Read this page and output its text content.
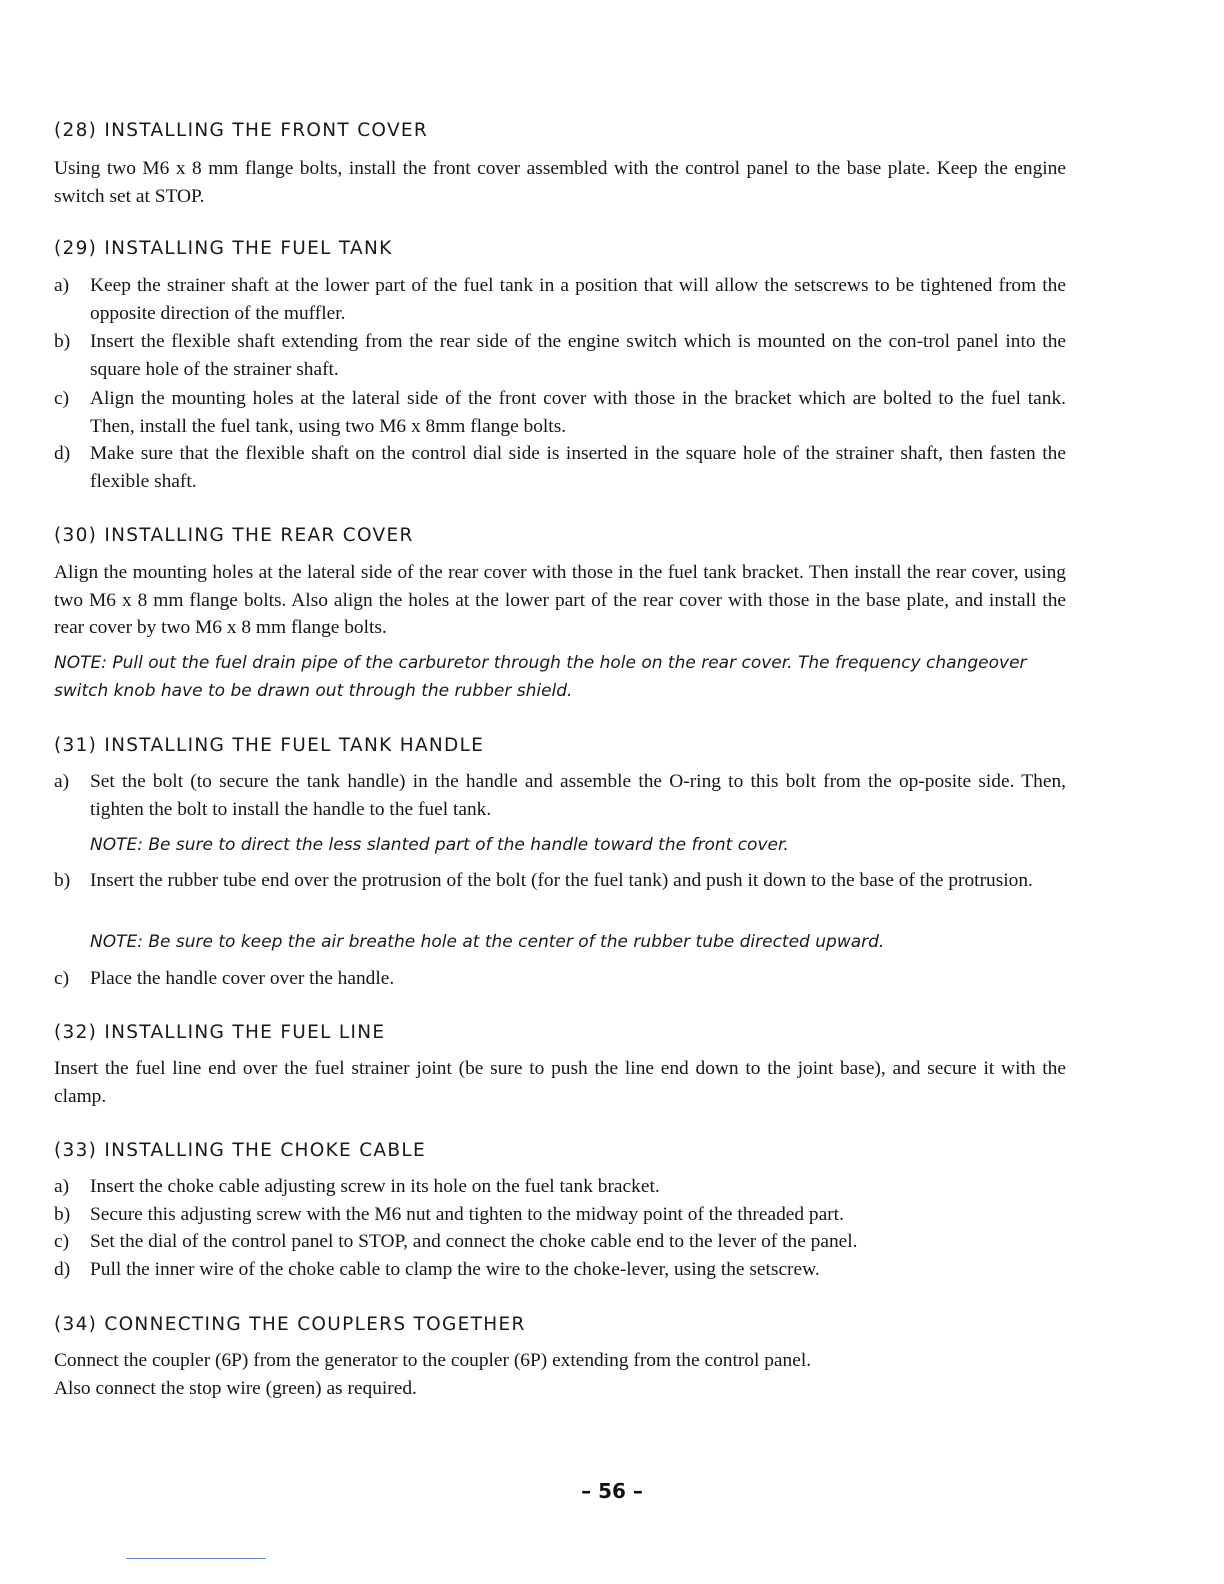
(28) INSTALLING THE FRONT COVER
Using two M6 x 8 mm flange bolts, install the front cover assembled with the control panel to the base plate. Keep the engine switch set at STOP.
(29) INSTALLING THE FUEL TANK
a) Keep the strainer shaft at the lower part of the fuel tank in a position that will allow the setscrews to be tightened from the opposite direction of the muffler.
b) Insert the flexible shaft extending from the rear side of the engine switch which is mounted on the con-trol panel into the square hole of the strainer shaft.
c) Align the mounting holes at the lateral side of the front cover with those in the bracket which are bolted to the fuel tank. Then, install the fuel tank, using two M6 x 8mm flange bolts.
d) Make sure that the flexible shaft on the control dial side is inserted in the square hole of the strainer shaft, then fasten the flexible shaft.
(30) INSTALLING THE REAR COVER
Align the mounting holes at the lateral side of the rear cover with those in the fuel tank bracket. Then install the rear cover, using two M6 x 8 mm flange bolts. Also align the holes at the lower part of the rear cover with those in the base plate, and install the rear cover by two M6 x 8 mm flange bolts.
NOTE: Pull out the fuel drain pipe of the carburetor through the hole on the rear cover. The frequency changeover switch knob have to be drawn out through the rubber shield.
(31) INSTALLING THE FUEL TANK HANDLE
a) Set the bolt (to secure the tank handle) in the handle and assemble the O-ring to this bolt from the op-posite side. Then, tighten the bolt to install the handle to the fuel tank.
NOTE: Be sure to direct the less slanted part of the handle toward the front cover.
b) Insert the rubber tube end over the protrusion of the bolt (for the fuel tank) and push it down to the base of the protrusion.
NOTE: Be sure to keep the air breathe hole at the center of the rubber tube directed upward.
c) Place the handle cover over the handle.
(32) INSTALLING THE FUEL LINE
Insert the fuel line end over the fuel strainer joint (be sure to push the line end down to the joint base), and secure it with the clamp.
(33) INSTALLING THE CHOKE CABLE
a) Insert the choke cable adjusting screw in its hole on the fuel tank bracket.
b) Secure this adjusting screw with the M6 nut and tighten to the midway point of the threaded part.
c) Set the dial of the control panel to STOP, and connect the choke cable end to the lever of the panel.
d) Pull the inner wire of the choke cable to clamp the wire to the choke-lever, using the setscrew.
(34) CONNECTING THE COUPLERS TOGETHER
Connect the coupler (6P) from the generator to the coupler (6P) extending from the control panel.
Also connect the stop wire (green) as required.
– 56 –
